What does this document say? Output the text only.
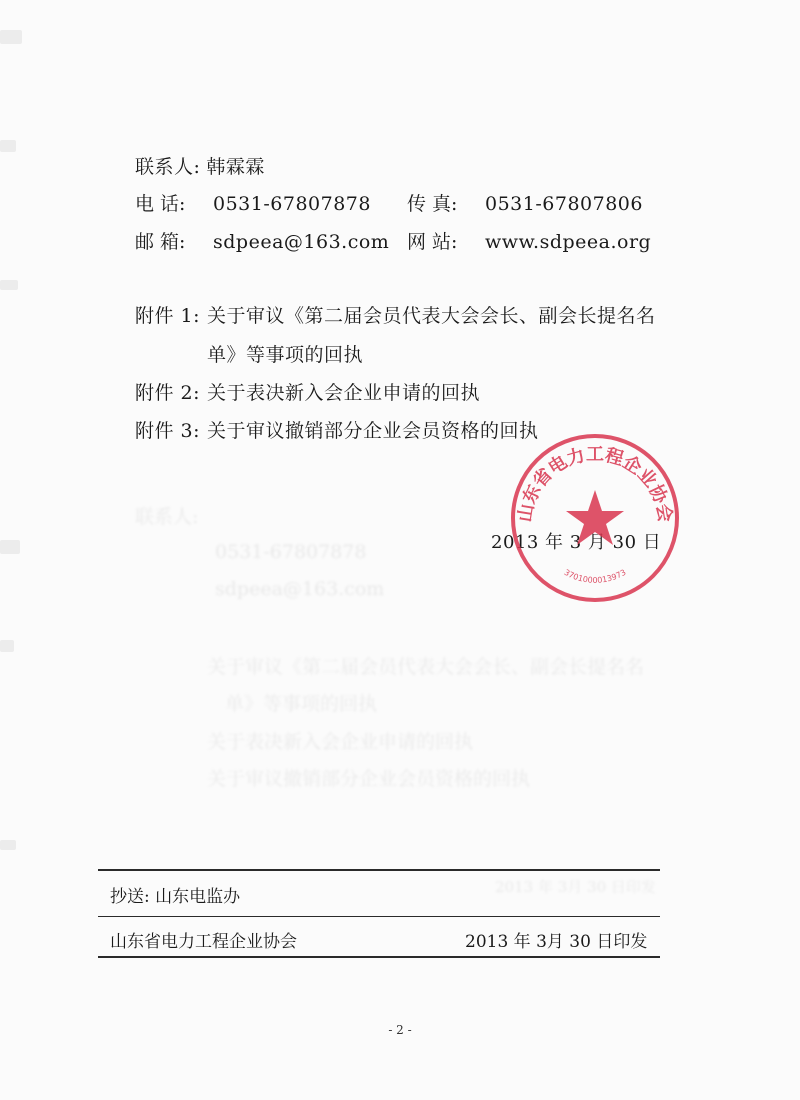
联系人: 韩霖霖
电 话: 0531-67807878 传 真: 0531-67807806
邮 箱: sdpeea@163.com 网 站: www.sdpeea.org
附件 1: 关于审议《第二届会员代表大会会长、副会长提名名
单》等事项的回执
附件 2: 关于表决新入会企业申请的回执
附件 3: 关于审议撤销部分企业会员资格的回执
联系人:
0531-67807878
sdpeea@163.com
关于审议《第二届会员代表大会会长、副会长提名名
单》等事项的回执
关于表决新入会企业申请的回执
关于审议撤销部分企业会员资格的回执
2013 年 3 月 30 日
山东省电力工程企业协会
3701000013973
抄送: 山东电监办	2013 年 3月 30 日印发
山东省电力工程企业协会	2013 年 3月 30 日印发
- 2 -
